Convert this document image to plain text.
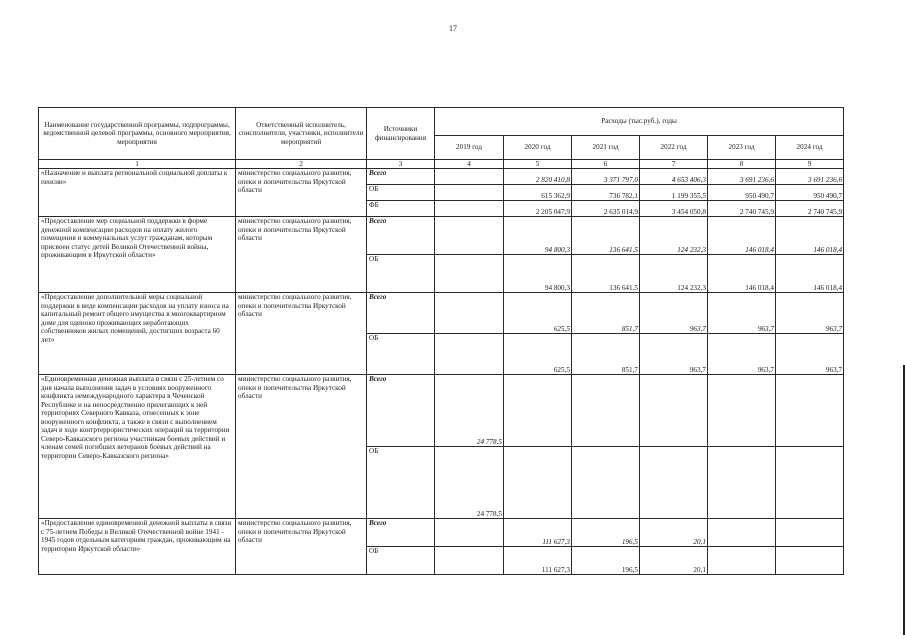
17
Наименование государственной программы, подпрограммы, ведомственной целевой программы, основного мероприятия, мероприятия	Ответственный исполнитель, соисполнители, участники, исполнители мероприятий	Источники финансирования	Расходы (тыс.руб.), годы					
			2019 год	2020 год	2021 год	2022 год	2023 год	2024 год
1	2	3	4	5	6	7	8	9
«Назначение и выплата региональной социальной доплаты к пенсии»	министерство социального развития, опеки и попечительства Иркутской области	Всего		2 820 410,8	3 371 797,0	4 653 406,3	3 691 236,6	3 691 236,6
		ОБ		615 362,9	736 782,1	1 199 355,5	950 490,7	950 490,7
		ФБ		2 205 047,9	2 635 014,9	3 454 050,8	2 740 745,9	2 740 745,9
«Предоставление мер социальной поддержки в форме денежной компенсации расходов на оплату жилого помещения и коммунальных услуг гражданам, которым присвоен статус детей Великой Отечественной войны, проживающим в Иркутской области»	министерство социального развития, опеки и попечительства Иркутской области	Всего		94 800,3	136 641,5	124 232,3	146 018,4	146 018,4
		ОБ		94 800,3	136 641,5	124 232,3	146 018,4	146 018,4
«Предоставление дополнительной меры социальной поддержки в виде компенсации расходов на уплату взноса на капитальный ремонт общего имущества в многоквартирном доме для одиноко проживающих неработающих собственников жилых помещений, достигших возраста 60 лет»	министерство социального развития, опеки и попечительства Иркутской области	Всего		625,5	851,7	963,7	963,7	963,7
		ОБ		625,5	851,7	963,7	963,7	963,7
«Единовременная денежная выплата в связи с 25-летием со дня начала выполнения задач в условиях вооруженного конфликта немеждународного характера в Чеченской Республике и на непосредственно прилегающих к ней территориях Северного Кавказа, отнесенных к зоне вооруженного конфликта, а также в связи с выполнением задач в ходе контртеррористических операций на территории Северо-Кавказского региона участникам боевых действий и членам семей погибших ветеранов боевых действий на территории Северо-Кавказского региона»	министерство социального развития, опеки и попечительства Иркутской области	Всего	24 778,5					
		ОБ	24 778,5					
«Предоставление единовременной денежной выплаты в связи с 75-летием Победы в Великой Отечественной войне 1941 - 1945 годов отдельным категориям граждан, проживающим на территории Иркутской области»	министерство социального развития, опеки и попечительства Иркутской области	Всего		111 627,3	196,5	20,1		
		ОБ		111 627,3	196,5	20,1		
